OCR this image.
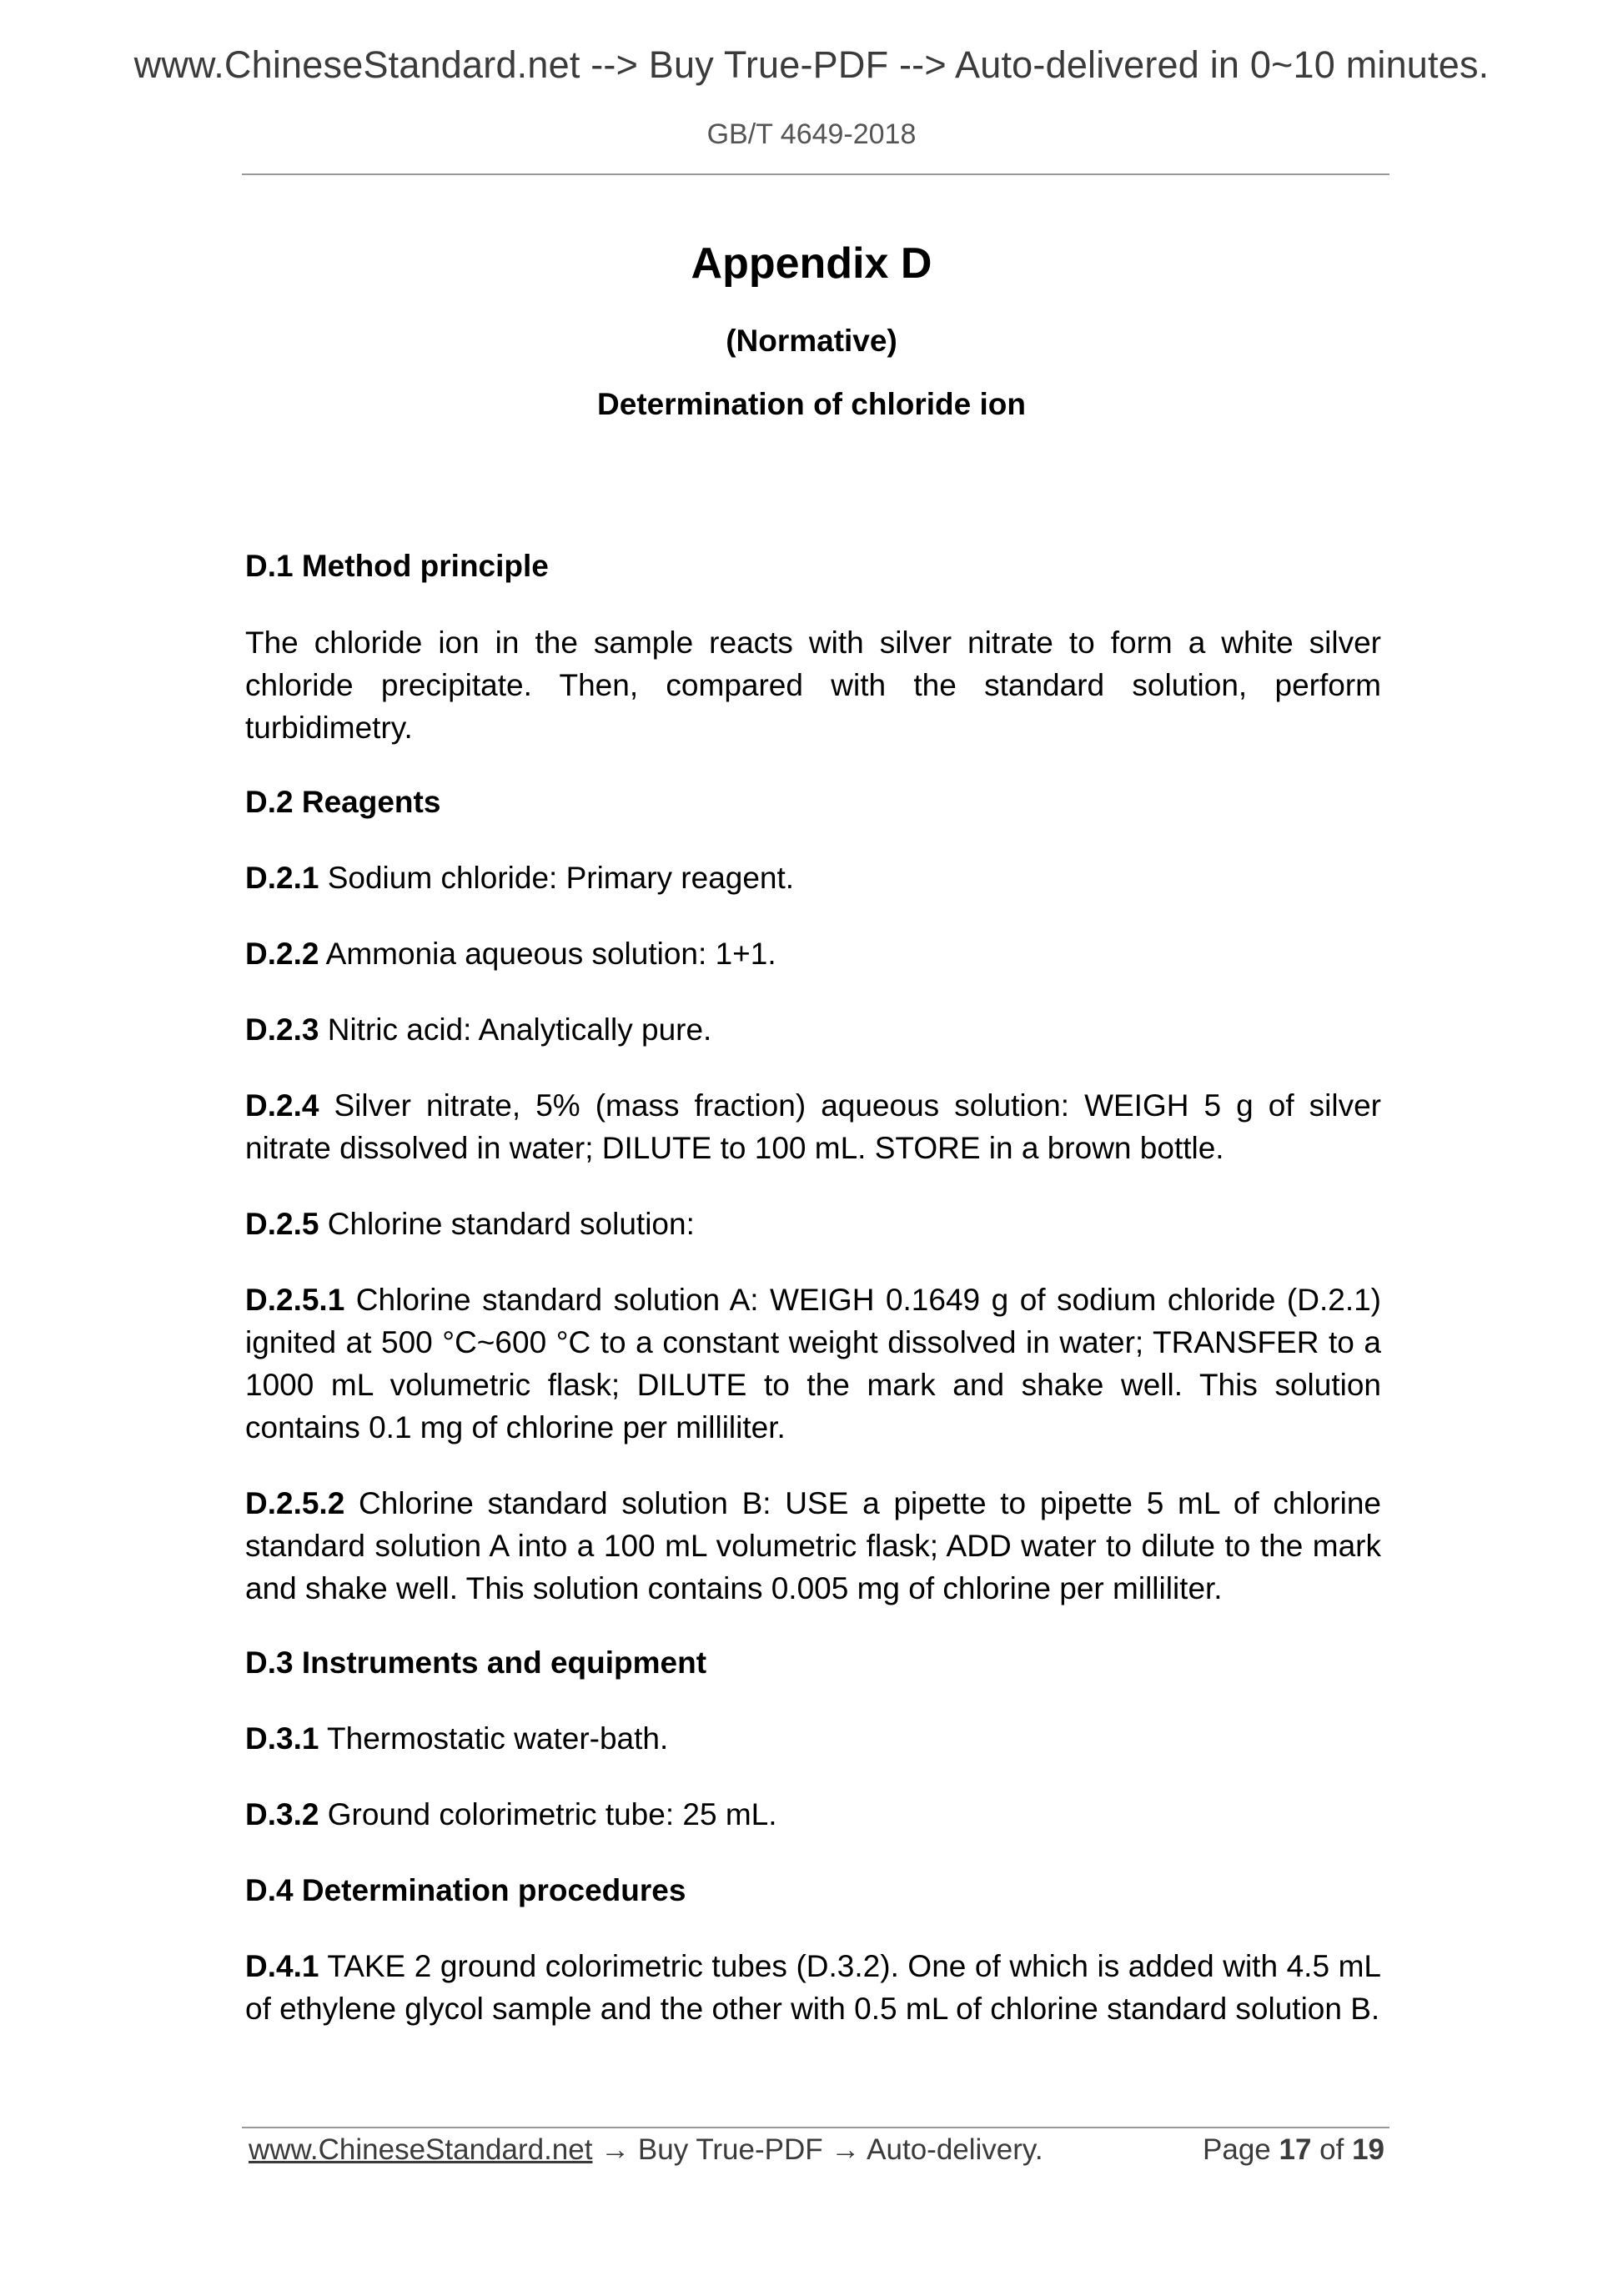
www.ChineseStandard.net --> Buy True-PDF --> Auto-delivered in 0~10 minutes.
GB/T 4649-2018
Appendix D
(Normative)
Determination of chloride ion

D.1 Method principle

The chloride ion in the sample reacts with silver nitrate to form a white silver chloride precipitate. Then, compared with the standard solution, perform turbidimetry.

D.2 Reagents

D.2.1 Sodium chloride: Primary reagent.

D.2.2 Ammonia aqueous solution: 1+1.

D.2.3 Nitric acid: Analytically pure.

D.2.4 Silver nitrate, 5% (mass fraction) aqueous solution: WEIGH 5 g of silver nitrate dissolved in water; DILUTE to 100 mL. STORE in a brown bottle.

D.2.5 Chlorine standard solution:

D.2.5.1 Chlorine standard solution A: WEIGH 0.1649 g of sodium chloride (D.2.1) ignited at 500 °C~600 °C to a constant weight dissolved in water; TRANSFER to a 1000 mL volumetric flask; DILUTE to the mark and shake well. This solution contains 0.1 mg of chlorine per milliliter.

D.2.5.2 Chlorine standard solution B: USE a pipette to pipette 5 mL of chlorine standard solution A into a 100 mL volumetric flask; ADD water to dilute to the mark and shake well. This solution contains 0.005 mg of chlorine per milliliter.

D.3 Instruments and equipment

D.3.1 Thermostatic water-bath.

D.3.2 Ground colorimetric tube: 25 mL.

D.4 Determination procedures

D.4.1 TAKE 2 ground colorimetric tubes (D.3.2). One of which is added with 4.5 mL of ethylene glycol sample and the other with 0.5 mL of chlorine standard solution B.

www.ChineseStandard.net → Buy True-PDF → Auto-delivery.	Page 17 of 19
